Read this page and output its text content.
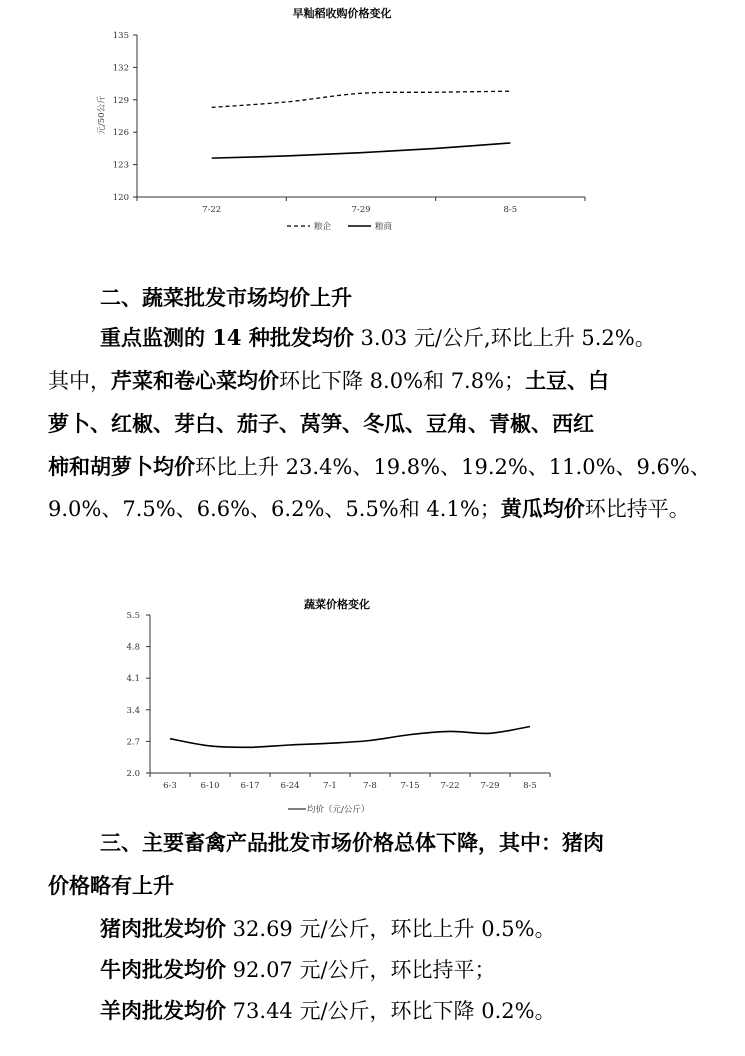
早籼稻收购价格变化
元/50公斤
120
123
126
129
132
135
7-22	7-29	8-5
粮企	粮商
二、蔬菜批发市场均价上升
重点监测的 14 种批发均价 3.03 元/公斤,环比上升 5.2%。
其中，芹菜和卷心菜均价环比下降 8.0%和 7.8%；土豆、白
萝卜、红椒、芽白、茄子、莴笋、冬瓜、豆角、青椒、西红
柿和胡萝卜均价环比上升 23.4%、19.8%、19.2%、11.0%、9.6%、
9.0%、7.5%、6.6%、6.2%、5.5%和 4.1%；黄瓜均价环比持平。
蔬菜价格变化
2.0
2.7
3.4
4.1
4.8
5.5
6-3	6-10 6-17 6-24	7-1	7-8	7-15 7-22 7-29	8-5
均价（元/公斤）
三、主要畜禽产品批发市场价格总体下降，其中：猪肉
价格略有上升
猪肉批发均价 32.69 元/公斤，环比上升 0.5%。
牛肉批发均价 92.07 元/公斤，环比持平；
羊肉批发均价 73.44 元/公斤，环比下降 0.2%。
